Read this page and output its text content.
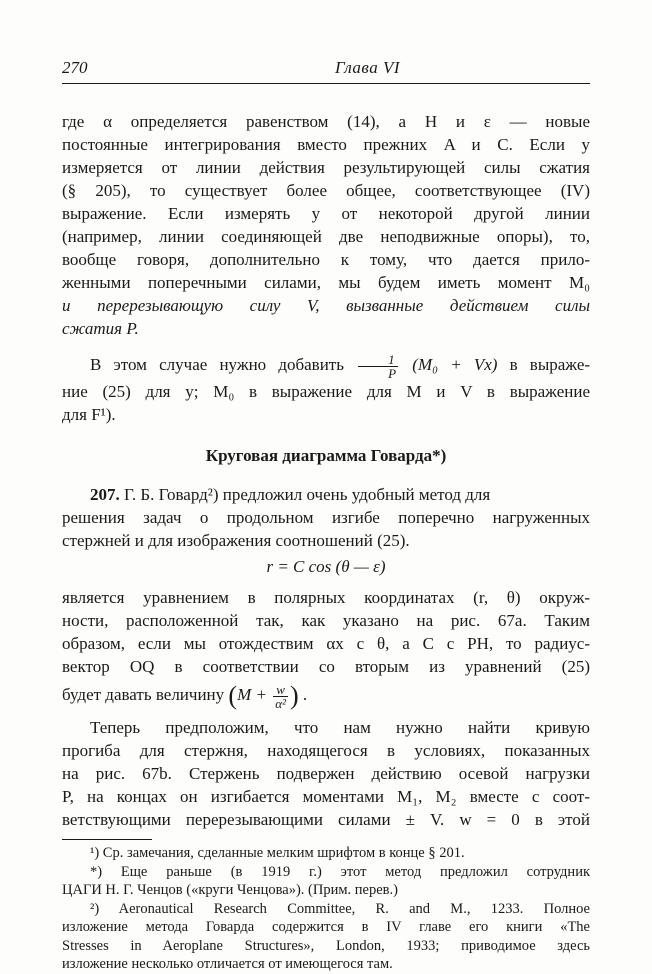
270	Глава VI
где α определяется равенством (14), а H и ε — новые
постоянные интегрирования вместо прежних A и C. Если y
измеряется от линии действия результирующей силы сжатия
(§ 205), то существует более общее, соответствующее (IV)
выражение. Если измерять y от некоторой другой линии
(например, линии соединяющей две неподвижные опоры), то,
вообще говоря, дополнительно к тому, что дается прило-
женными поперечными силами, мы будем иметь момент M₀
и перерезывающую силу V, вызванные действием силы
сжатия P.
В этом случае нужно добавить $\frac{1}{P} (M_0 + Vx)$ в выраже-
ние (25) для y; M₀ в выражение для M и V в выражение
для F¹).
Круговая диаграмма Говарда*)
207. Г. Б. Говард²) предложил очень удобный метод для
решения задач о продольном изгибе поперечно нагруженных
стержней и для изображения соотношений (25).
r = C cos (θ — ε)
является уравнением в полярных координатах (r, θ) окруж-
ности, расположенной так, как указано на рис. 67a. Таким
образом, если мы отождествим αx с θ, а C с PH, то радиус-
вектор OQ в соответствии со вторым из уравнений (25)
будет давать величину ($M + \frac{w}{\text{α²}}$ ) .
Теперь предположим, что нам нужно найти кривую
прогиба для стержня, находящегося в условиях, показанных
на рис. 67b. Стержень подвержен действию осевой нагрузки
P, на концах он изгибается моментами M₁, M₂ вместе с соот-
ветствующими перерезывающими силами ± V. w = 0 в этой
¹) Ср. замечания, сделанные мелким шрифтом в конце § 201.
*) Еще раньше (в 1919 г.) этот метод предложил сотрудник
ЦАГИ Н. Г. Ченцов («круги Ченцова»). (Прим. перев.)
²) Aeronautical Research Committee, R. and M., 1233. Полное
изложение метода Говарда содержится в IV главе его книги «The
Stresses in Aeroplane Structures», London, 1933; приводимое здесь
изложение несколько отличается от имеющегося там.
